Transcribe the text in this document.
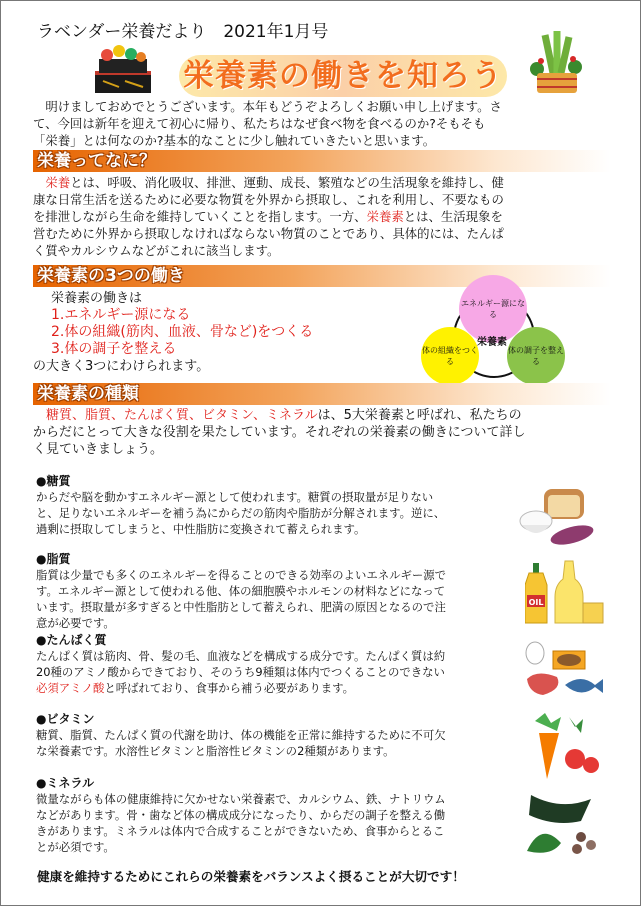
ラベンダー栄養だより　2021年1月号
栄養素の働きを知ろう
　明けましておめでとうございます。本年もどうぞよろしくお願い申し上げます。さ
て、今回は新年を迎えて初心に帰り、私たちはなぜ食べ物を食べるのか?そもそも
「栄養」とは何なのか?基本的なことに少し触れていきたいと思います。
栄養ってなに？
　栄養とは、呼吸、消化吸収、排泄、運動、成長、繁殖などの生活現象を維持し、健
康な日常生活を送るために必要な物質を外界から摂取し、これを利用し、不要なもの
を排泄しながら生命を維持していくことを指します。一方、栄養素とは、生活現象を
営むために外界から摂取しなければならない物質のことであり、具体的には、たんぱ
く質やカルシウムなどがこれに該当します。
栄養素の3つの働き
栄養素の働きは
1.エネルギー源になる
2.体の組織(筋肉、血液、骨など)をつくる
3.体の調子を整える
の大きく3つにわけられます。
エネルギー源になる
体の組織をつくる
体の調子を整える
栄養素
栄養素の種類
　糖質、脂質、たんぱく質、ビタミン、ミネラルは、5大栄養素と呼ばれ、私たちの
からだにとって大きな役割を果たしています。それぞれの栄養素の働きについて詳し
く見ていきましょう。
●糖質
からだや脳を動かすエネルギー源として使われます。糖質の摂取量が足りない
と、足りないエネルギーを補う為にからだの筋肉や脂肪が分解されます。逆に、
過剰に摂取してしまうと、中性脂肪に変換されて蓄えられます。
●脂質
脂質は少量でも多くのエネルギーを得ることのできる効率のよいエネルギー源で
す。エネルギー源として使われる他、体の細胞膜やホルモンの材料などになって
います。摂取量が多すぎると中性脂肪として蓄えられ、肥満の原因となるので注
意が必要です。
OIL
●たんぱく質
たんぱく質は筋肉、骨、髪の毛、血液などを構成する成分です。たんぱく質は約
20種のアミノ酸からできており、そのうち9種類は体内でつくることのできない
必須アミノ酸と呼ばれており、食事から補う必要があります。
●ビタミン
糖質、脂質、たんぱく質の代謝を助け、体の機能を正常に維持するために不可欠
な栄養素です。水溶性ビタミンと脂溶性ビタミンの2種類があります。
●ミネラル
微量ながらも体の健康維持に欠かせない栄養素で、カルシウム、鉄、ナトリウム
などがあります。骨・歯など体の構成成分になったり、からだの調子を整える働
きがあります。ミネラルは体内で合成することができないため、食事からとるこ
とが必須です。
健康を維持するためにこれらの栄養素をバランスよく摂ることが大切です！
